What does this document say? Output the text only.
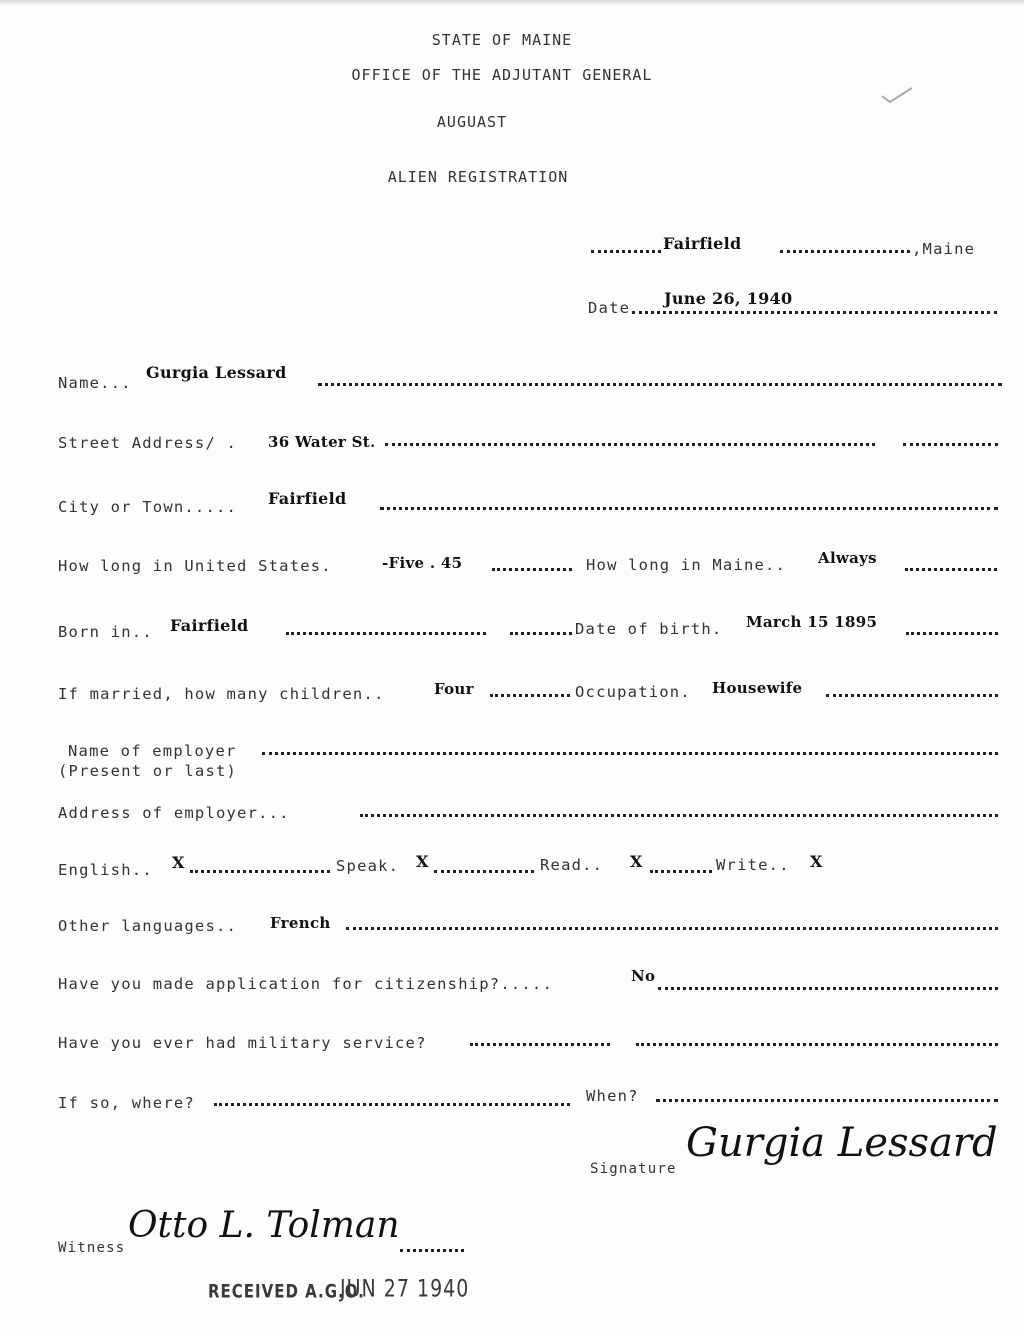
STATE OF MAINE
OFFICE OF THE ADJUTANT GENERAL
AUGUAST
ALIEN REGISTRATION
Fairfield	,Maine
Date June 26, 1940
Name...
Gurgia Lessard
Street Address/ . 36 Water St.
City or Town..... Fairfield
How long in United States.	-Five . 45	How long in Maine.. Always
Born in.. Fairfield	Date of birth. March 15 1895
If married, how many children..	Four	Occupation. Housewife
Name of employer
(Present or last)
Address of employer...
English.. X	Speak. X	Read.. X	Write.. X
Other languages.. French
Have you made application for citizenship?.....	No
Have you ever had military service?
If so, where?	When?
Signature
Gurgia Lessard
Witness
Otto L. Tolman
RECEIVED A.G.O.
JUN 27 1940
